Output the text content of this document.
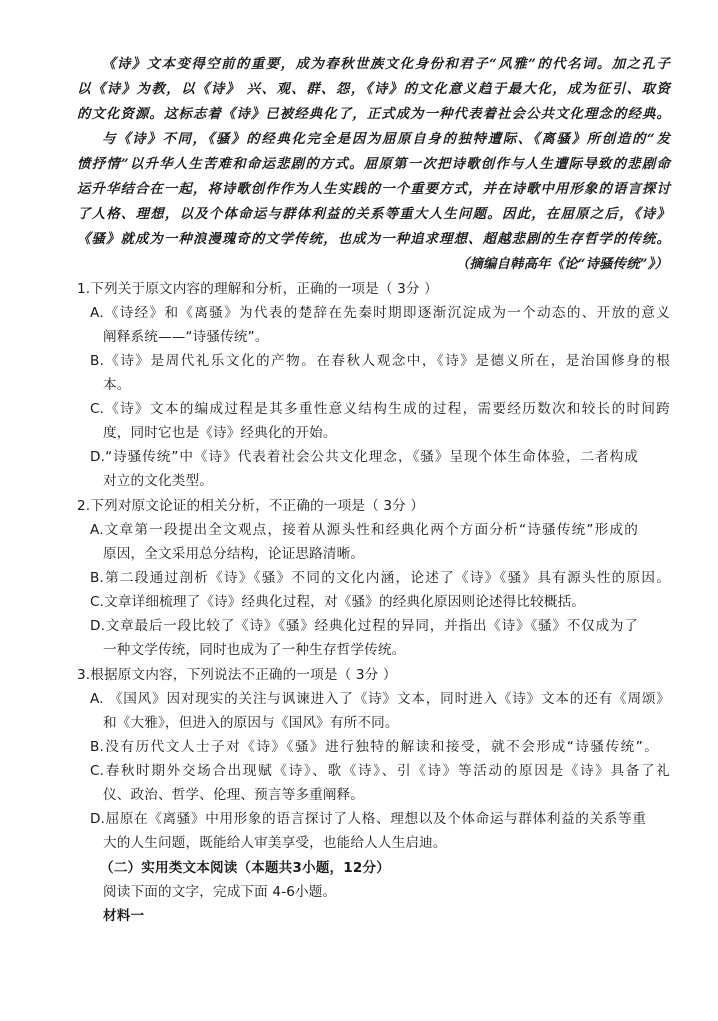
《诗》文本变得空前的重要，成为春秋世族文化身份和君子“风雅”的代名词。加之孔子
以《诗》为教，以《诗》 兴、观、群、怨，《诗》的文化意义趋于最大化，成为征引、取资
的文化资源。这标志着《诗》已被经典化了，正式成为一种代表着社会公共文化理念的经典。
与《诗》不同，《骚》的经典化完全是因为屈原自身的独特遭际、《离骚》所创造的“发
愤抒情”以升华人生苦难和命运悲剧的方式。屈原第一次把诗歌创作与人生遭际导致的悲剧命
运升华结合在一起，将诗歌创作作为人生实践的一个重要方式，并在诗歌中用形象的语言探讨
了人格、理想，以及个体命运与群体利益的关系等重大人生问题。因此，在屈原之后，《诗》
《骚》就成为一种浪漫瑰奇的文学传统，也成为一种追求理想、超越悲剧的生存哲学的传统。
（摘编自韩高年《论“诗骚传统”》）
1.下列关于原文内容的理解和分析，正确的一项是（ 3分 ）
A.《诗经》和《离骚》为代表的楚辞在先秦时期即逐渐沉淀成为一个动态的、开放的意义
阐释系统——“诗骚传统”。
B.《诗》是周代礼乐文化的产物。在春秋人观念中，《诗》是德义所在，是治国修身的根
本。
C.《诗》文本的编成过程是其多重性意义结构生成的过程，需要经历数次和较长的时间跨
度，同时它也是《诗》经典化的开始。
D.“诗骚传统”中《诗》代表着社会公共文化理念，《骚》呈现个体生命体验，二者构成
对立的文化类型。
2.下列对原文论证的相关分析，不正确的一项是（ 3分 ）
A.文章第一段提出全文观点，接着从源头性和经典化两个方面分析“诗骚传统”形成的
原因，全文采用总分结构，论证思路清晰。
B.第二段通过剖析《诗》《骚》不同的文化内涵，论述了《诗》《骚》具有源头性的原因。
C.文章详细梳理了《诗》经典化过程，对《骚》的经典化原因则论述得比较概括。
D.文章最后一段比较了《诗》《骚》经典化过程的异同，并指出《诗》《骚》不仅成为了
一种文学传统，同时也成为了一种生存哲学传统。
3.根据原文内容，下列说法不正确的一项是（ 3分 ）
A. 《国风》因对现实的关注与讽谏进入了《诗》文本，同时进入《诗》文本的还有《周颂》
和《大雅》，但进入的原因与《国风》有所不同。
B.没有历代文人士子对《诗》《骚》进行独特的解读和接受，就不会形成“诗骚传统”。
C.春秋时期外交场合出现赋《诗》、歌《诗》、引《诗》等活动的原因是《诗》具备了礼
仪、政治、哲学、伦理、预言等多重阐释。
D.屈原在《离骚》中用形象的语言探讨了人格、理想以及个体命运与群体利益的关系等重
大的人生问题，既能给人审美享受，也能给人人生启迪。
（二）实用类文本阅读（本题共3小题，12分）
阅读下面的文字，完成下面 4-6小题。
材料一
